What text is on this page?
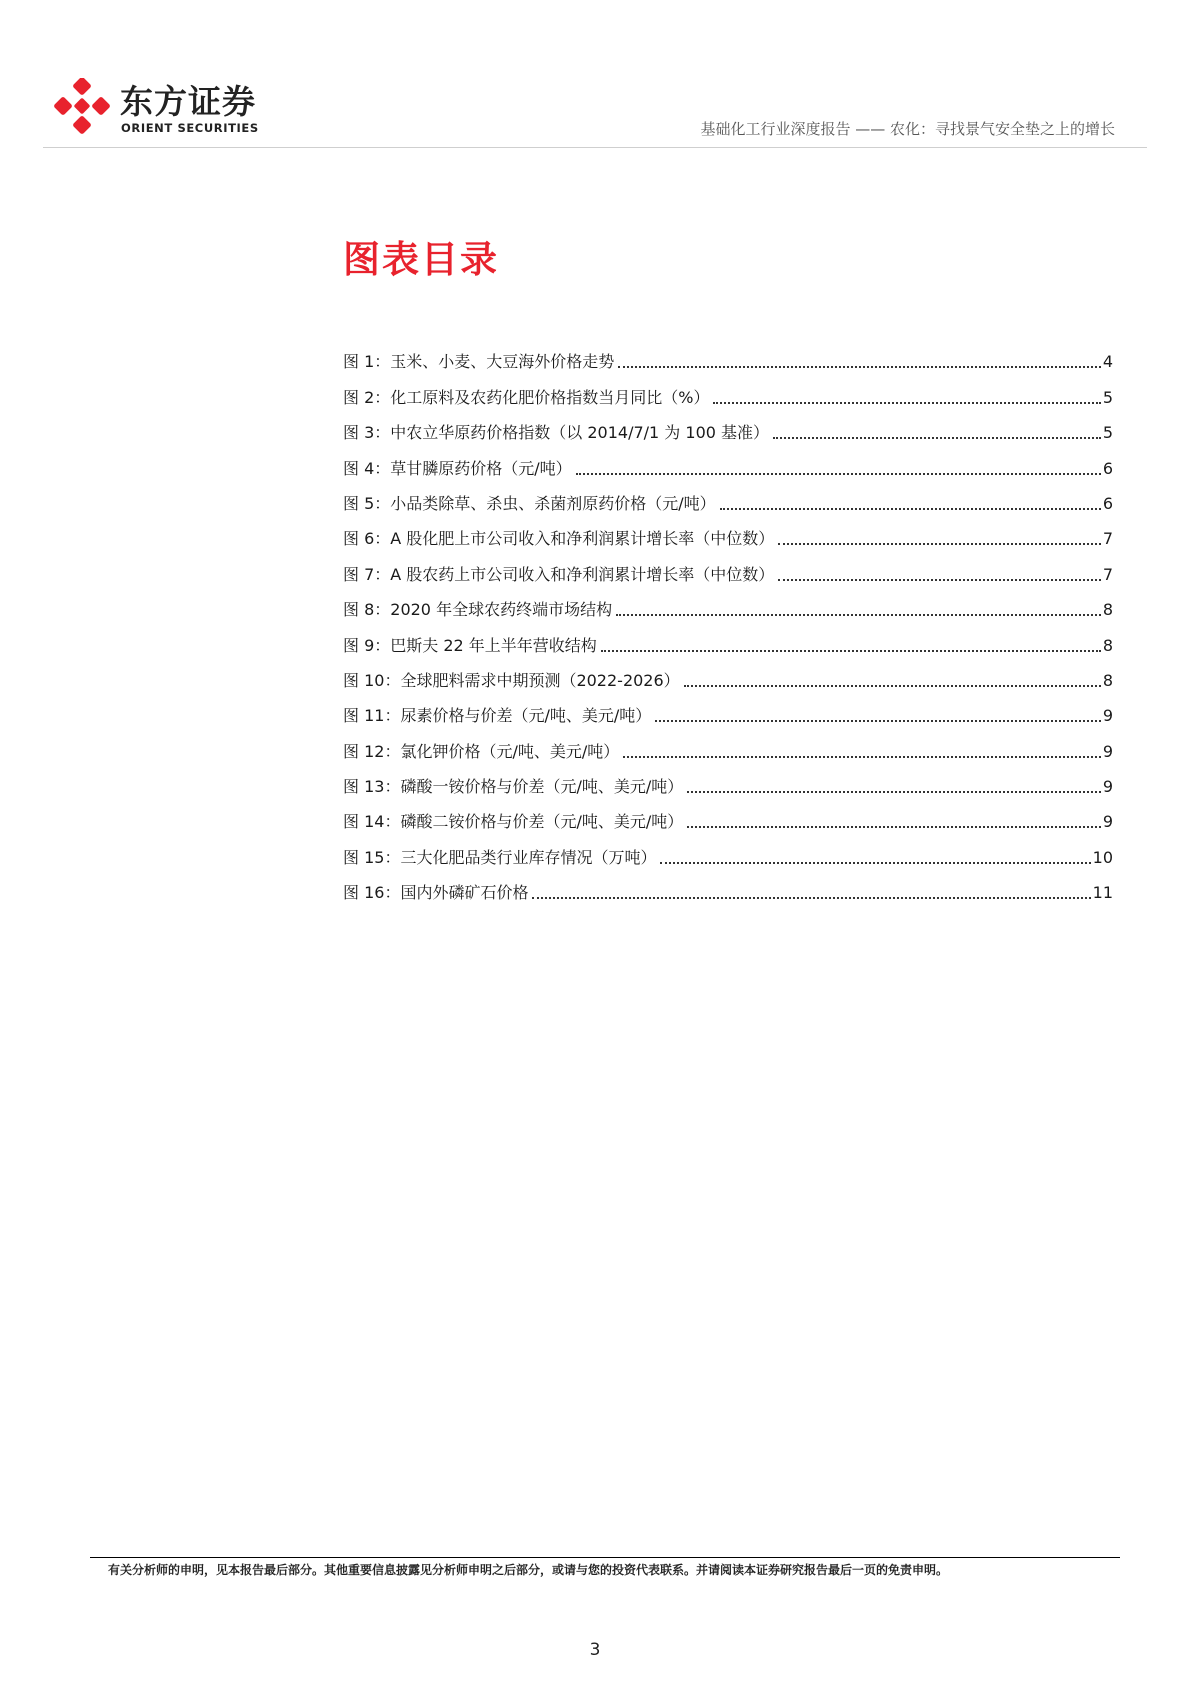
东方证券
ORIENT SECURITIES	基础化工行业深度报告 —— 农化：寻找景气安全垫之上的增长
图表目录
图 1：玉米、小麦、大豆海外价格走势	4
图 2：化工原料及农药化肥价格指数当月同比（%）	5
图 3：中农立华原药价格指数（以 2014/7/1 为 100 基准）	5
图 4：草甘膦原药价格（元/吨）	6
图 5：小品类除草、杀虫、杀菌剂原药价格（元/吨）	6
图 6：A 股化肥上市公司收入和净利润累计增长率（中位数）	7
图 7：A 股农药上市公司收入和净利润累计增长率（中位数）	7
图 8：2020 年全球农药终端市场结构	8
图 9：巴斯夫 22 年上半年营收结构	8
图 10：全球肥料需求中期预测（2022-2026）	8
图 11：尿素价格与价差（元/吨、美元/吨）	9
图 12：氯化钾价格（元/吨、美元/吨）	9
图 13：磷酸一铵价格与价差（元/吨、美元/吨）	9
图 14：磷酸二铵价格与价差（元/吨、美元/吨）	9
图 15：三大化肥品类行业库存情况（万吨）	10
图 16：国内外磷矿石价格	11
有关分析师的申明，见本报告最后部分。其他重要信息披露见分析师申明之后部分，或请与您的投资代表联系。并请阅读本证券研究报告最后一页的免责申明。
3
